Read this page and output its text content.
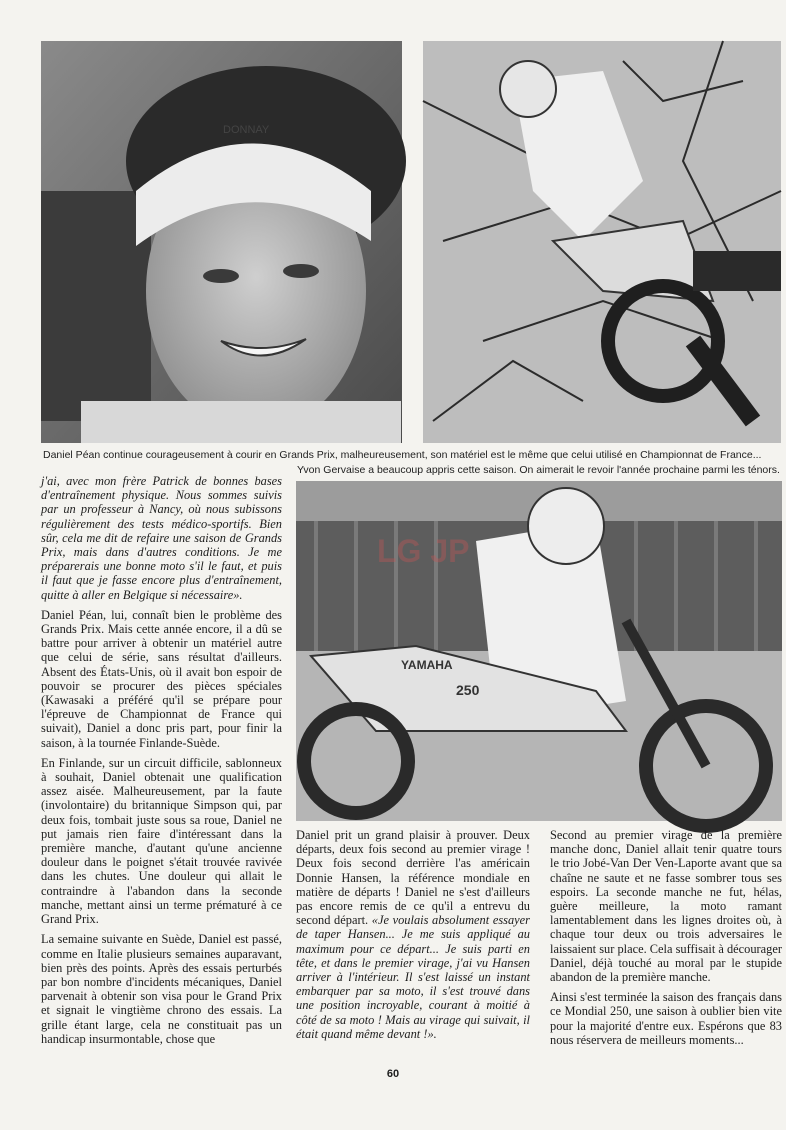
DONNAY
Daniel Péan continue courageusement à courir en Grands Prix, malheureusement, son matériel est le même que celui utilisé en Championnat de France...
Yvon Gervaise a beaucoup appris cette saison. On aimerait le revoir l'année prochaine parmi les ténors.
250
YAMAHA
LG JP

j'ai, avec mon frère Patrick de bonnes bases d'entraînement physique. Nous sommes suivis par un professeur à Nancy, où nous subissons régulièrement des tests médico-sportifs. Bien sûr, cela me dit de refaire une saison de Grands Prix, mais dans d'autres conditions. Je me préparerais une bonne moto s'il le faut, et puis il faut que je fasse encore plus d'entraînement, quitte à aller en Belgique si nécessaire».

Daniel Péan, lui, connaît bien le problème des Grands Prix. Mais cette année encore, il a dû se battre pour arriver à obtenir un matériel autre que celui de série, sans résultat d'ailleurs. Absent des États-Unis, où il avait bon espoir de pouvoir se procurer des pièces spéciales (Kawasaki a préféré qu'il se prépare pour l'épreuve de Championnat de France qui suivait), Daniel a donc pris part, pour finir la saison, à la tournée Finlande-Suède.

En Finlande, sur un circuit difficile, sablonneux à souhait, Daniel obtenait une qualification assez aisée. Malheureusement, par la faute (involontaire) du britannique Simpson qui, par deux fois, tombait juste sous sa roue, Daniel ne put jamais rien faire d'intéressant dans la première manche, d'autant qu'une ancienne douleur dans le poignet s'était trouvée ravivée dans les chutes. Une douleur qui allait le contraindre à l'abandon dans la seconde manche, mettant ainsi un terme prématuré à ce Grand Prix.

La semaine suivante en Suède, Daniel est passé, comme en Italie plusieurs semaines auparavant, bien près des points. Après des essais perturbés par bon nombre d'incidents mécaniques, Daniel parvenait à obtenir son visa pour le Grand Prix et signait le vingtième chrono des essais. La grille étant large, cela ne constituait pas un handicap insurmontable, chose que

Daniel prit un grand plaisir à prouver. Deux départs, deux fois second au premier virage ! Deux fois second derrière l'as américain Donnie Hansen, la référence mondiale en matière de départs ! Daniel ne s'est d'ailleurs pas encore remis de ce qu'il a entrevu du second départ. «Je voulais absolument essayer de taper Hansen... Je me suis appliqué au maximum pour ce départ... Je suis parti en tête, et dans le premier virage, j'ai vu Hansen arriver à l'intérieur. Il s'est laissé un instant embarquer par sa moto, il s'est trouvé dans une position incroyable, courant à moitié à côté de sa moto ! Mais au virage qui suivait, il était quand même devant !».

Second au premier virage de la première manche donc, Daniel allait tenir quatre tours le trio Jobé-Van Der Ven-Laporte avant que sa chaîne ne saute et ne fasse sombrer tous ses espoirs. La seconde manche ne fut, hélas, guère meilleure, la moto ramant lamentablement dans les lignes droites où, à chaque tour deux ou trois adversaires le laissaient sur place. Cela suffisait à décourager Daniel, déjà touché au moral par le stupide abandon de la première manche.

Ainsi s'est terminée la saison des français dans ce Mondial 250, une saison à oublier bien vite pour la majorité d'entre eux. Espérons que 83 nous réservera de meilleurs moments...

60
